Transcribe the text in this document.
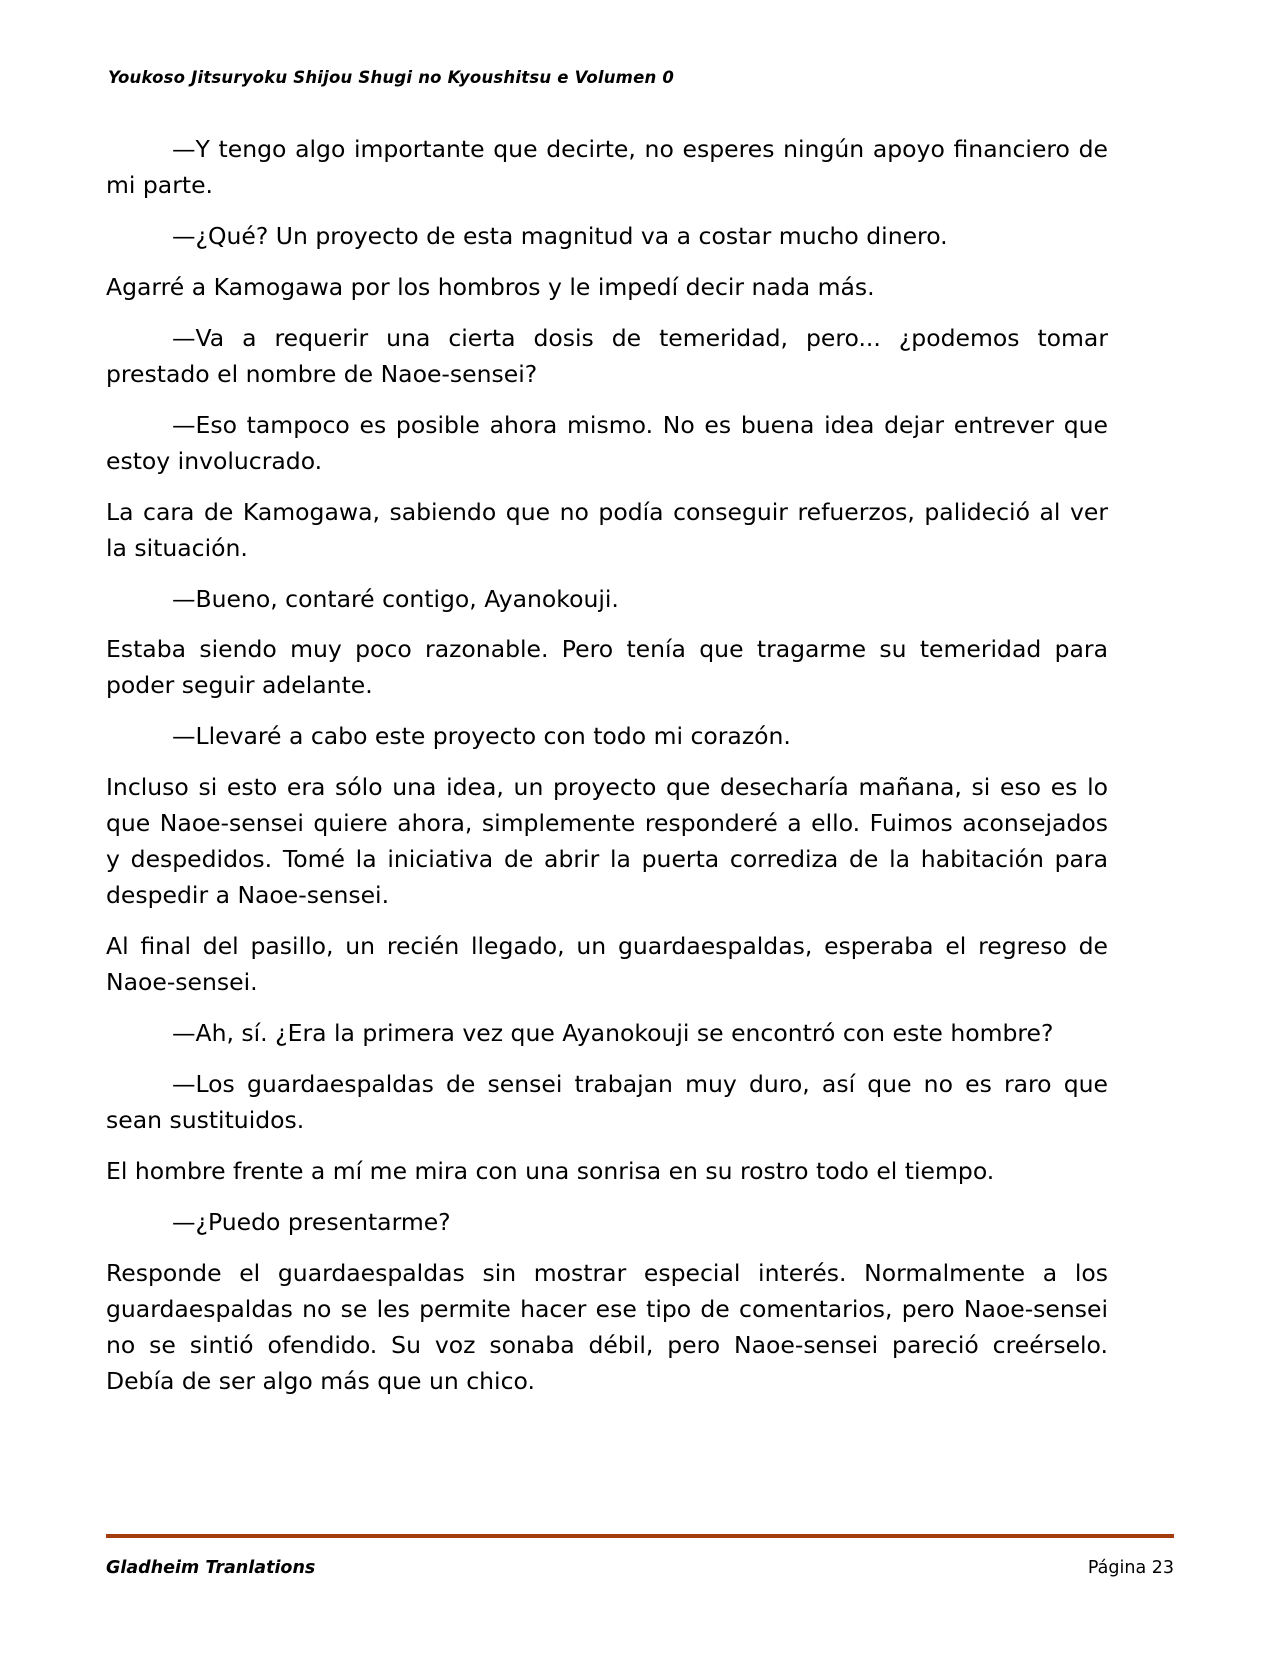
Youkoso Jitsuryoku Shijou Shugi no Kyoushitsu e Volumen 0

—Y tengo algo importante que decirte, no esperes ningún apoyo financiero de mi parte.

—¿Qué? Un proyecto de esta magnitud va a costar mucho dinero.

Agarré a Kamogawa por los hombros y le impedí decir nada más.

—Va a requerir una cierta dosis de temeridad, pero... ¿podemos tomar prestado el nombre de Naoe-sensei?

—Eso tampoco es posible ahora mismo. No es buena idea dejar entrever que estoy involucrado.

La cara de Kamogawa, sabiendo que no podía conseguir refuerzos, palideció al ver la situación.

—Bueno, contaré contigo, Ayanokouji.

Estaba siendo muy poco razonable. Pero tenía que tragarme su temeridad para poder seguir adelante.

—Llevaré a cabo este proyecto con todo mi corazón.

Incluso si esto era sólo una idea, un proyecto que desecharía mañana, si eso es lo que Naoe-sensei quiere ahora, simplemente responderé a ello. Fuimos aconsejados y despedidos. Tomé la iniciativa de abrir la puerta corrediza de la habitación para despedir a Naoe-sensei.

Al final del pasillo, un recién llegado, un guardaespaldas, esperaba el regreso de Naoe-sensei.

—Ah, sí. ¿Era la primera vez que Ayanokouji se encontró con este hombre?

—Los guardaespaldas de sensei trabajan muy duro, así que no es raro que sean sustituidos.

El hombre frente a mí me mira con una sonrisa en su rostro todo el tiempo.

—¿Puedo presentarme?

Responde el guardaespaldas sin mostrar especial interés. Normalmente a los guardaespaldas no se les permite hacer ese tipo de comentarios, pero Naoe-sensei no se sintió ofendido. Su voz sonaba débil, pero Naoe-sensei pareció creérselo. Debía de ser algo más que un chico.

Gladheim Tranlations	Página 23
